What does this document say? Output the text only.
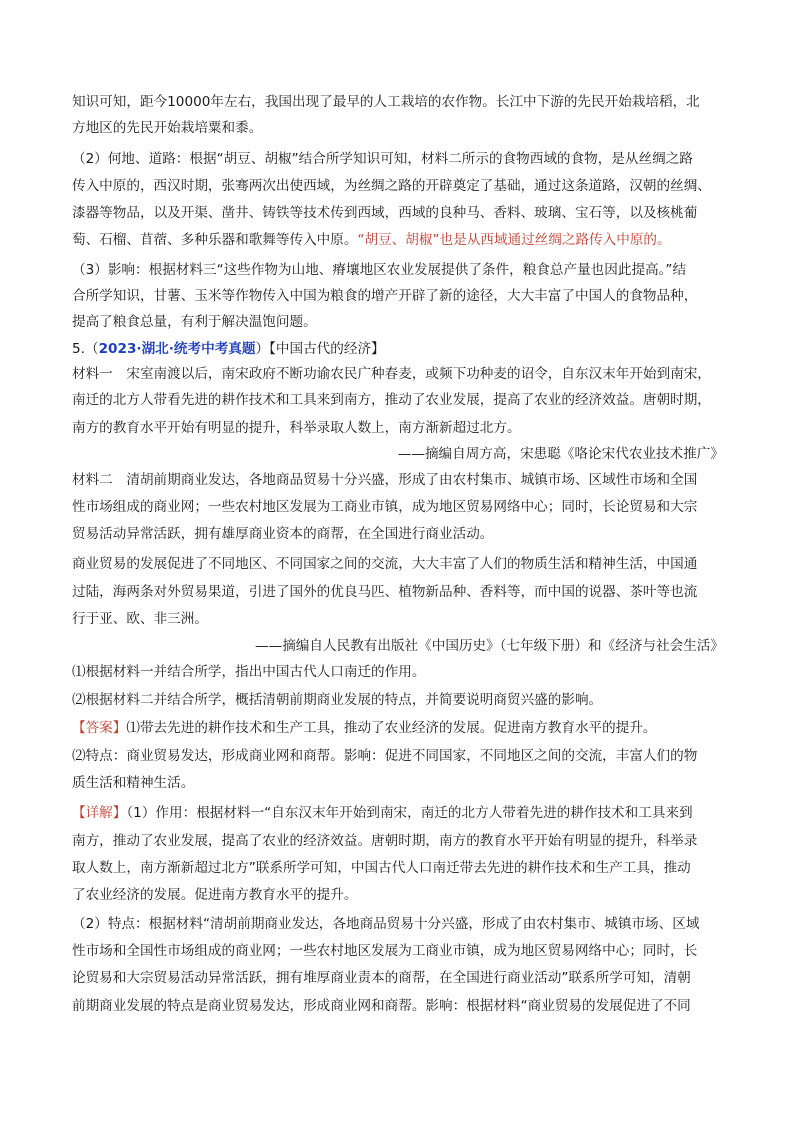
知识可知，距今10000年左右，我国出现了最早的人工栽培的农作物。长江中下游的先民开始栽培稻，北
方地区的先民开始栽培粟和黍。
（2）何地、道路：根据“胡豆、胡椒”结合所学知识可知，材料二所示的食物西域的食物，是从丝绸之路
传入中原的，西汉时期，张骞两次出使西域，为丝绸之路的开辟奠定了基础，通过这条道路，汉朝的丝绸、
漆器等物品，以及开渠、凿井、铸铁等技术传到西域，西域的良种马、香料、玻璃、宝石等，以及核桃葡
萄、石榴、苜蓿、多种乐器和歌舞等传入中原。“胡豆、胡椒”也是从西域通过丝绸之路传入中原的。
（3）影响：根据材料三“这些作物为山地、瘠壤地区农业发展提供了条件，粮食总产量也因此提高。”结
合所学知识，甘薯、玉米等作物传入中国为粮食的增产开辟了新的途径，大大丰富了中国人的食物品种，
提高了粮食总量，有利于解决温饱问题。
5.（2023·湖北·统考中考真题）【中国古代的经济】
材料一　宋室南渡以后，南宋政府不断功谕农民广种春麦，或频下功种麦的诏令，自东汉末年开始到南宋，
南迁的北方人带看先进的耕作技术和工具来到南方，推动了农业发展，提高了农业的经济效益。唐朝时期，
南方的教育水平开始有明显的提升，科举录取人数上，南方渐新超过北方。
——摘编自周方高，宋患聪《咯论宋代农业技术推广》
材料二　清胡前期商业发达，各地商品贸易十分兴盛，形成了由农村集市、城镇市场、区域性市场和全国
性市场组成的商业网；一些农村地区发展为工商业市镇，成为地区贸易网络中心；同时，长论贸易和大宗
贸易活动异常活跃，拥有雄厚商业资本的商帮，在全国进行商业活动。
商业贸易的发展促进了不同地区、不同国家之间的交流，大大丰富了人们的物质生活和精神生活，中国通
过陆，海两条对外贸易果道，引进了国外的优良马匹、植物新品种、香料等，而中国的说器、茶叶等也流
行于亚、欧、非三洲。
——摘编自人民教有出版社《中国历史》（七年级下册）和《经济与社会生活》
⑴根据材料一并结合所学，指出中国古代人口南迁的作用。
⑵根据材料二并结合所学，概括清朝前期商业发展的特点，并简要说明商贸兴盛的影响。
【答案】⑴带去先进的耕作技术和生产工具，推动了农业经济的发展。促进南方教育水平的提升。
⑵特点：商业贸易发达，形成商业网和商帮。影响：促进不同国家，不同地区之间的交流，丰富人们的物
质生活和精神生活。
【详解】（1）作用：根据材料一“自东汉末年开始到南宋，南迁的北方人带着先进的耕作技术和工具来到
南方，推动了农业发展，提高了农业的经济效益。唐朝时期，南方的教育水平开始有明显的提升，科举录
取人数上，南方渐新超过北方”联系所学可知，中国古代人口南迁带去先进的耕作技术和生产工具，推动
了农业经济的发展。促进南方教育水平的提升。
（2）特点：根据材料“清胡前期商业发达，各地商品贸易十分兴盛，形成了由农村集市、城镇市场、区域
性市场和全国性市场组成的商业网；一些农村地区发展为工商业市镇，成为地区贸易网络中心；同时，长
论贸易和大宗贸易活动异常活跃，拥有堆厚商业责本的商帮，在全国进行商业活动”联系所学可知，清朝
前期商业发展的特点是商业贸易发达，形成商业网和商帮。影响：根据材料“商业贸易的发展促进了不同
